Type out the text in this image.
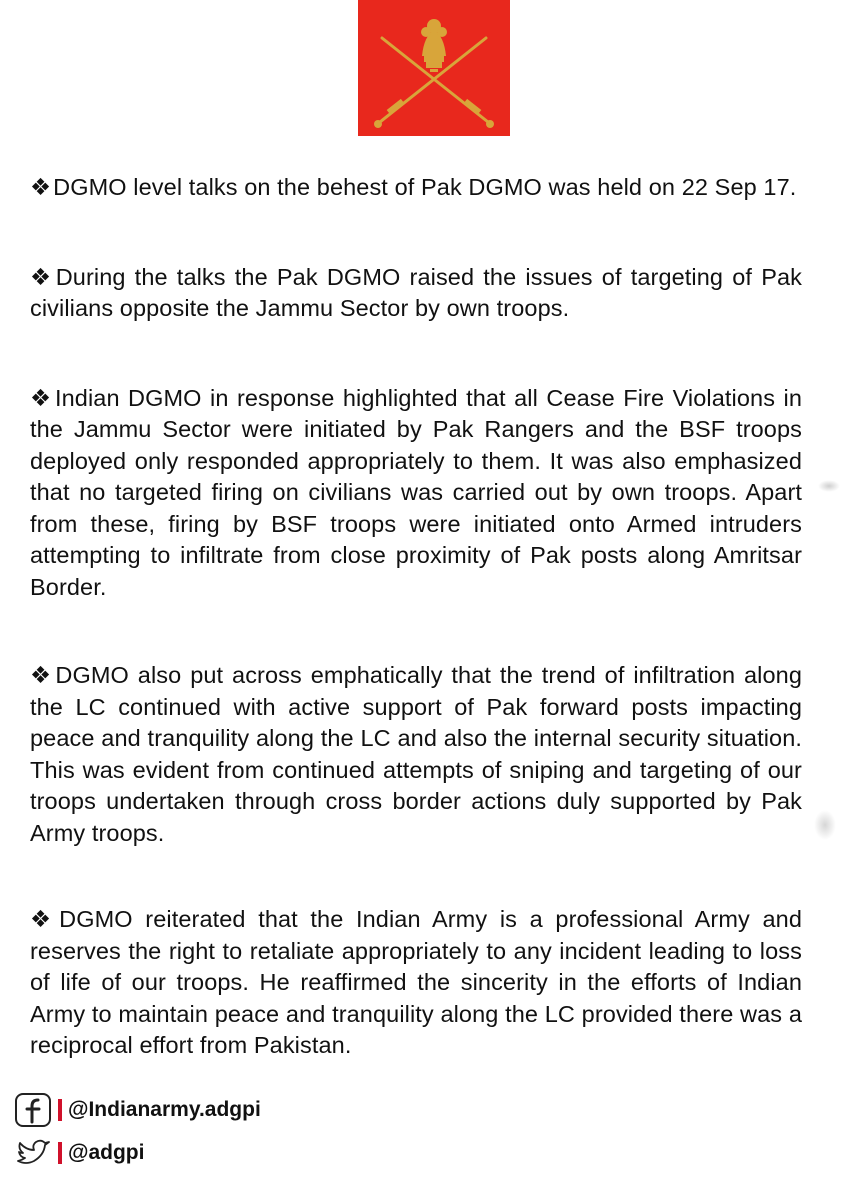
❖DGMO level talks on the behest of Pak DGMO was held on 22 Sep 17.

❖During the talks the Pak DGMO raised the issues of targeting of Pak civilians opposite the Jammu Sector by own troops.

❖Indian DGMO in response highlighted that all Cease Fire Violations in the Jammu Sector were initiated by Pak Rangers and the BSF troops deployed only responded appropriately to them. It was also emphasized that no targeted firing on civilians was carried out by own troops. Apart from these, firing by BSF troops were initiated onto Armed intruders attempting to infiltrate from close proximity of Pak posts along Amritsar Border.

❖DGMO also put across emphatically that the trend of infiltration along the LC continued with active support of Pak forward posts impacting peace and tranquility along the LC and also the internal security situation. This was evident from continued attempts of sniping and targeting of our troops undertaken through cross border actions duly supported by Pak Army troops.

❖DGMO reiterated that the Indian Army is a professional Army and reserves the right to retaliate appropriately to any incident leading to loss of life of our troops. He reaffirmed the sincerity in the efforts of Indian Army to maintain peace and tranquility along the LC provided there was a reciprocal effort from Pakistan.

@Indianarmy.adgpi
@adgpi
